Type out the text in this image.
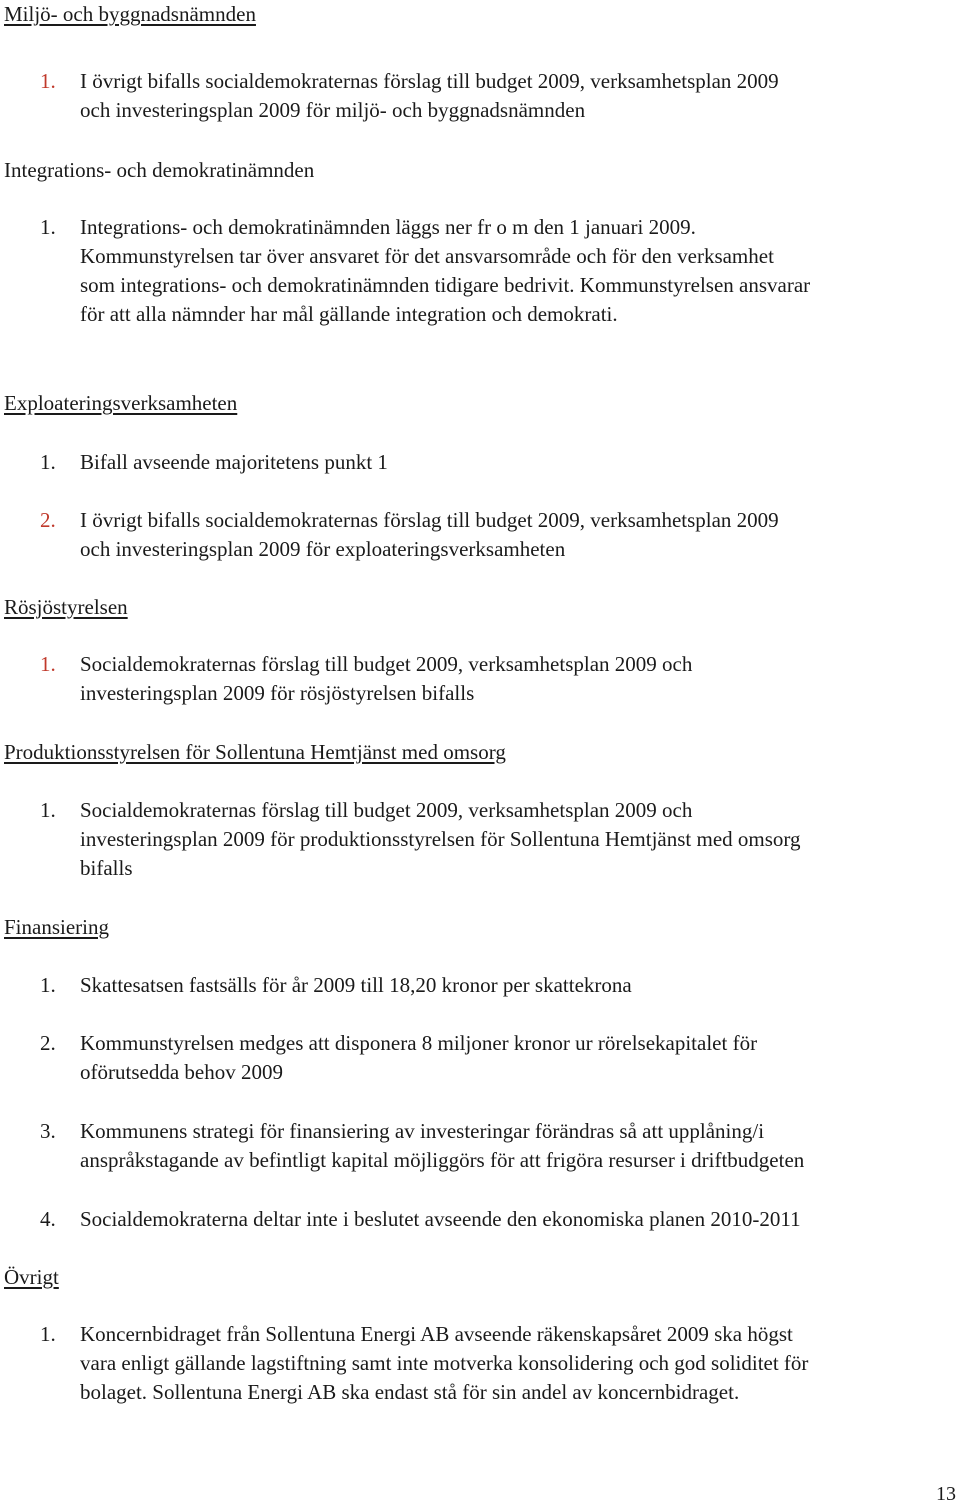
Miljö- och byggnadsnämnden
1.	I övrigt bifalls socialdemokraternas förslag till budget 2009, verksamhetsplan 2009
och investeringsplan 2009 för miljö- och byggnadsnämnden
Integrations- och demokratinämnden
1.	Integrations- och demokratinämnden läggs ner fr o m den 1 januari 2009.
Kommunstyrelsen tar över ansvaret för det ansvarsområde och för den verksamhet
som integrations- och demokratinämnden tidigare bedrivit. Kommunstyrelsen ansvarar
för att alla nämnder har mål gällande integration och demokrati.
Exploateringsverksamheten
1.	Bifall avseende majoritetens punkt 1
2.	I övrigt bifalls socialdemokraternas förslag till budget 2009, verksamhetsplan 2009
och investeringsplan 2009 för exploateringsverksamheten
Rösjöstyrelsen
1.	Socialdemokraternas förslag till budget 2009, verksamhetsplan 2009 och
investeringsplan 2009 för rösjöstyrelsen bifalls
Produktionsstyrelsen för Sollentuna Hemtjänst med omsorg
1.	Socialdemokraternas förslag till budget 2009, verksamhetsplan 2009 och
investeringsplan 2009 för produktionsstyrelsen för Sollentuna Hemtjänst med omsorg
bifalls
Finansiering
1.	Skattesatsen fastsälls för år 2009 till 18,20 kronor per skattekrona
2.	Kommunstyrelsen medges att disponera 8 miljoner kronor ur rörelsekapitalet för
oförutsedda behov 2009
3.	Kommunens strategi för finansiering av investeringar förändras så att upplåning/i
anspråkstagande av befintligt kapital möjliggörs för att frigöra resurser i driftbudgeten
4.	Socialdemokraterna deltar inte i beslutet avseende den ekonomiska planen 2010-2011
Övrigt
1.	Koncernbidraget från Sollentuna Energi AB avseende räkenskapsåret 2009 ska högst
vara enligt gällande lagstiftning samt inte motverka konsolidering och god soliditet för
bolaget. Sollentuna Energi AB ska endast stå för sin andel av koncernbidraget.
13
